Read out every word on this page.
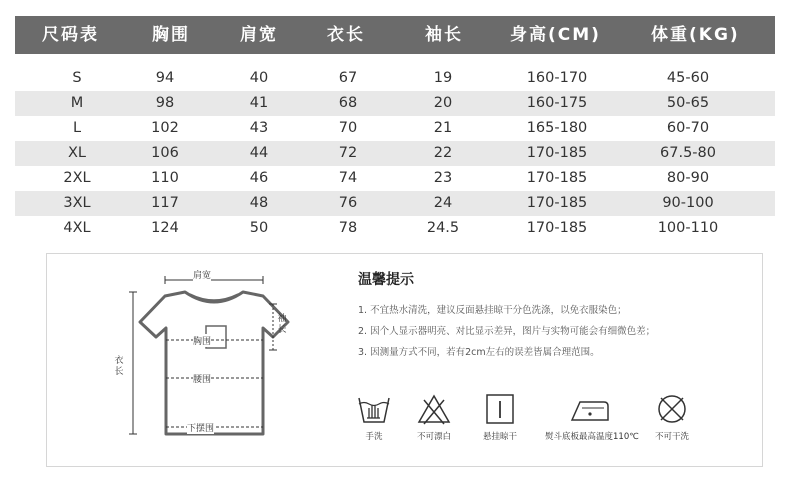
尺码表	胸围	肩宽	衣长	袖长	身高(CM)	体重(KG)
S	94	40	67	19	160-170	45-60
M	98	41	68	20	160-175	50-65
L	102	43	70	21	165-180	60-70
XL	106	44	72	22	170-185	67.5-80
2XL	110	46	74	23	170-185	80-90
3XL	117	48	76	24	170-185	90-100
4XL	124	50	78	24.5	170-185	100-110
肩宽
胸围
腰围
下摆围
袖长
衣长
温馨提示
1. 不宜热水清洗，建议反面悬挂晾干分色洗涤，以免衣服染色；
2. 因个人显示器明亮、对比显示差异，图片与实物可能会有细微色差；
3. 因测量方式不同，若有2cm左右的误差皆属合理范围。
手洗	不可漂白	悬挂晾干	熨斗底板最高温度110℃	不可干洗
